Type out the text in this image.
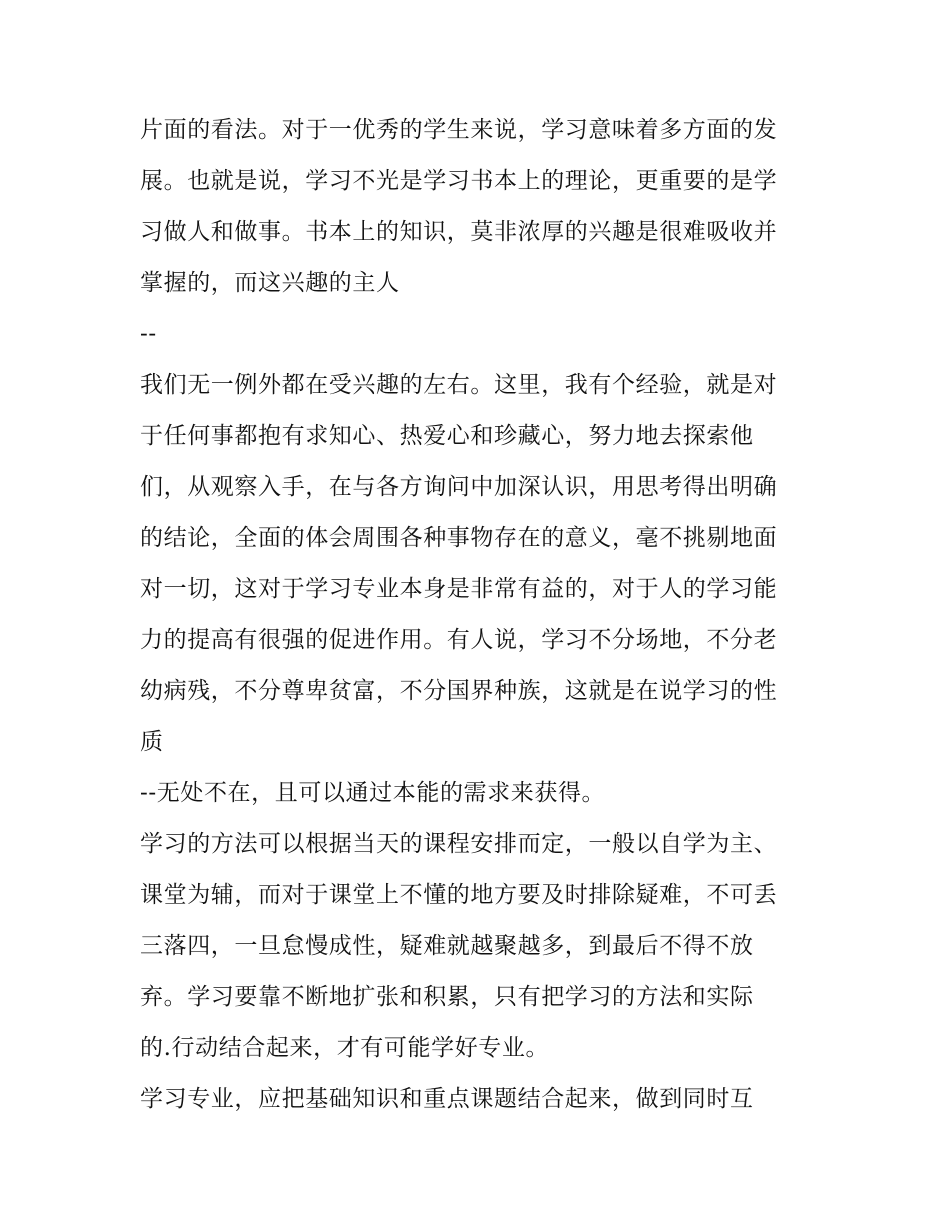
片面的看法。对于一优秀的学生来说，学习意味着多方面的发
展。也就是说，学习不光是学习书本上的理论，更重要的是学
习做人和做事。书本上的知识，莫非浓厚的兴趣是很难吸收并
掌握的，而这兴趣的主人
--
我们无一例外都在受兴趣的左右。这里，我有个经验，就是对
于任何事都抱有求知心、热爱心和珍藏心，努力地去探索他
们，从观察入手，在与各方询问中加深认识，用思考得出明确
的结论，全面的体会周围各种事物存在的意义，毫不挑剔地面
对一切，这对于学习专业本身是非常有益的，对于人的学习能
力的提高有很强的促进作用。有人说，学习不分场地，不分老
幼病残，不分尊卑贫富，不分国界种族，这就是在说学习的性
质
--无处不在，且可以通过本能的需求来获得。
学习的方法可以根据当天的课程安排而定，一般以自学为主、
课堂为辅，而对于课堂上不懂的地方要及时排除疑难，不可丢
三落四，一旦怠慢成性，疑难就越聚越多，到最后不得不放
弃。学习要靠不断地扩张和积累，只有把学习的方法和实际
的.行动结合起来，才有可能学好专业。
学习专业，应把基础知识和重点课题结合起来，做到同时互
